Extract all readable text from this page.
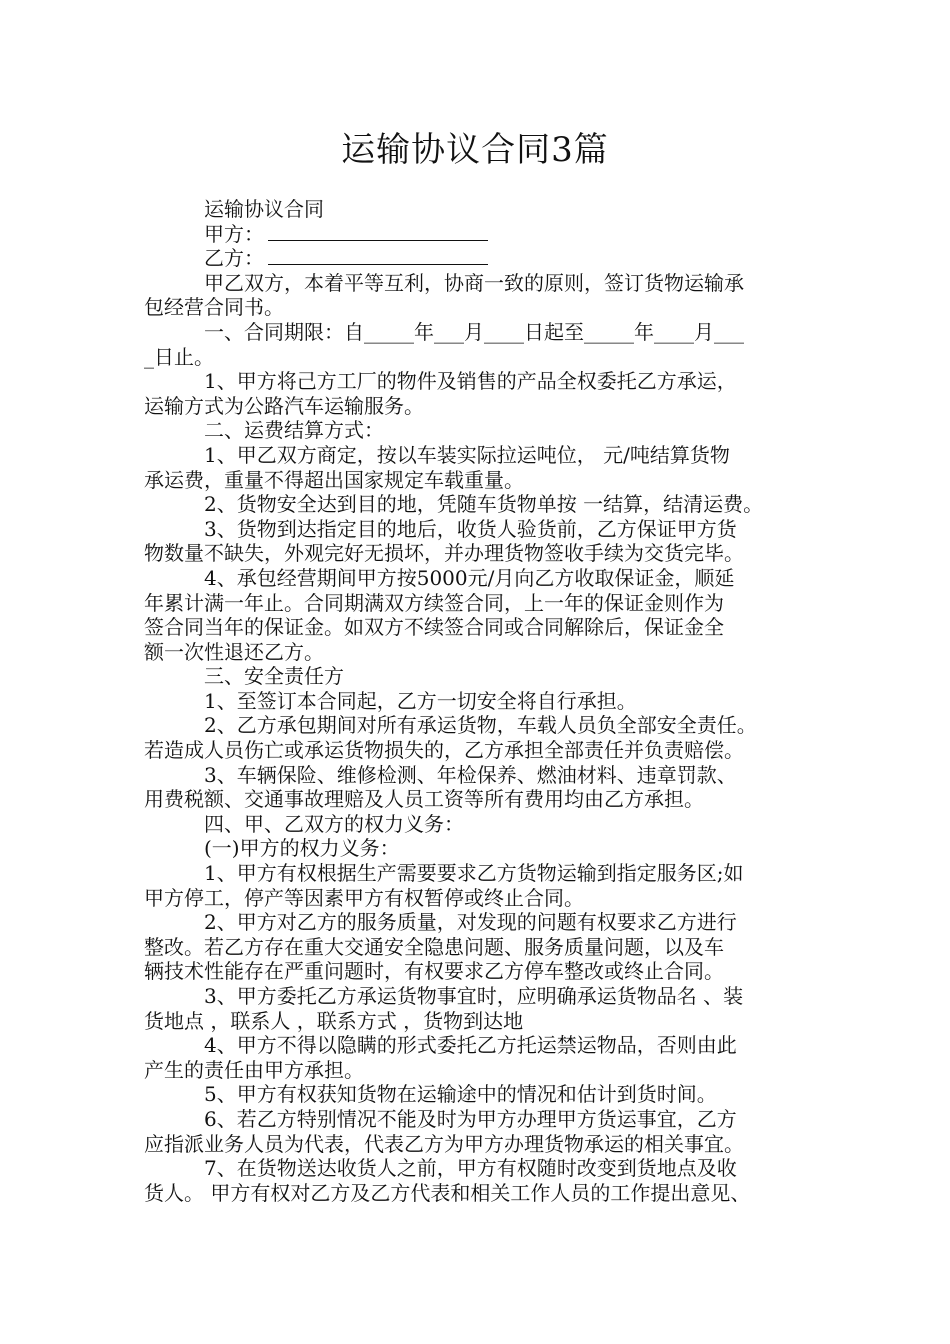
运输协议合同3篇
运输协议合同
甲方：
乙方：
甲乙双方，本着平等互利，协商一致的原则，签订货物运输承
包经营合同书。
一、合同期限：自_____年___月____日起至_____年____月___
_日止。
1、甲方将己方工厂的物件及销售的产品全权委托乙方承运，
运输方式为公路汽车运输服务。
二、运费结算方式：
1、甲乙双方商定，按以车装实际拉运吨位， 元/吨结算货物
承运费，重量不得超出国家规定车载重量。
2、货物安全达到目的地，凭随车货物单按 一结算，结清运费。
3、货物到达指定目的地后，收货人验货前，乙方保证甲方货
物数量不缺失，外观完好无损坏，并办理货物签收手续为交货完毕。
4、承包经营期间甲方按5000元/月向乙方收取保证金，顺延
年累计满一年止。合同期满双方续签合同，上一年的保证金则作为
签合同当年的保证金。如双方不续签合同或合同解除后，保证金全
额一次性退还乙方。
三、安全责任方
1、至签订本合同起，乙方一切安全将自行承担。
2、乙方承包期间对所有承运货物，车载人员负全部安全责任。
若造成人员伤亡或承运货物损失的，乙方承担全部责任并负责赔偿。
3、车辆保险、维修检测、年检保养、燃油材料、违章罚款、
用费税额、交通事故理赔及人员工资等所有费用均由乙方承担。
四、甲、乙双方的权力义务：
(一)甲方的权力义务：
1、甲方有权根据生产需要要求乙方货物运输到指定服务区;如
甲方停工，停产等因素甲方有权暂停或终止合同。
2、甲方对乙方的服务质量，对发现的问题有权要求乙方进行
整改。若乙方存在重大交通安全隐患问题、服务质量问题，以及车
辆技术性能存在严重问题时，有权要求乙方停车整改或终止合同。
3、甲方委托乙方承运货物事宜时，应明确承运货物品名 、装
货地点 ，联系人 ，联系方式 ，货物到达地
4、甲方不得以隐瞒的形式委托乙方托运禁运物品，否则由此
产生的责任由甲方承担。
5、甲方有权获知货物在运输途中的情况和估计到货时间。
6、若乙方特别情况不能及时为甲方办理甲方货运事宜，乙方
应指派业务人员为代表，代表乙方为甲方办理货物承运的相关事宜。
7、在货物送达收货人之前，甲方有权随时改变到货地点及收
货人。 甲方有权对乙方及乙方代表和相关工作人员的工作提出意见、
